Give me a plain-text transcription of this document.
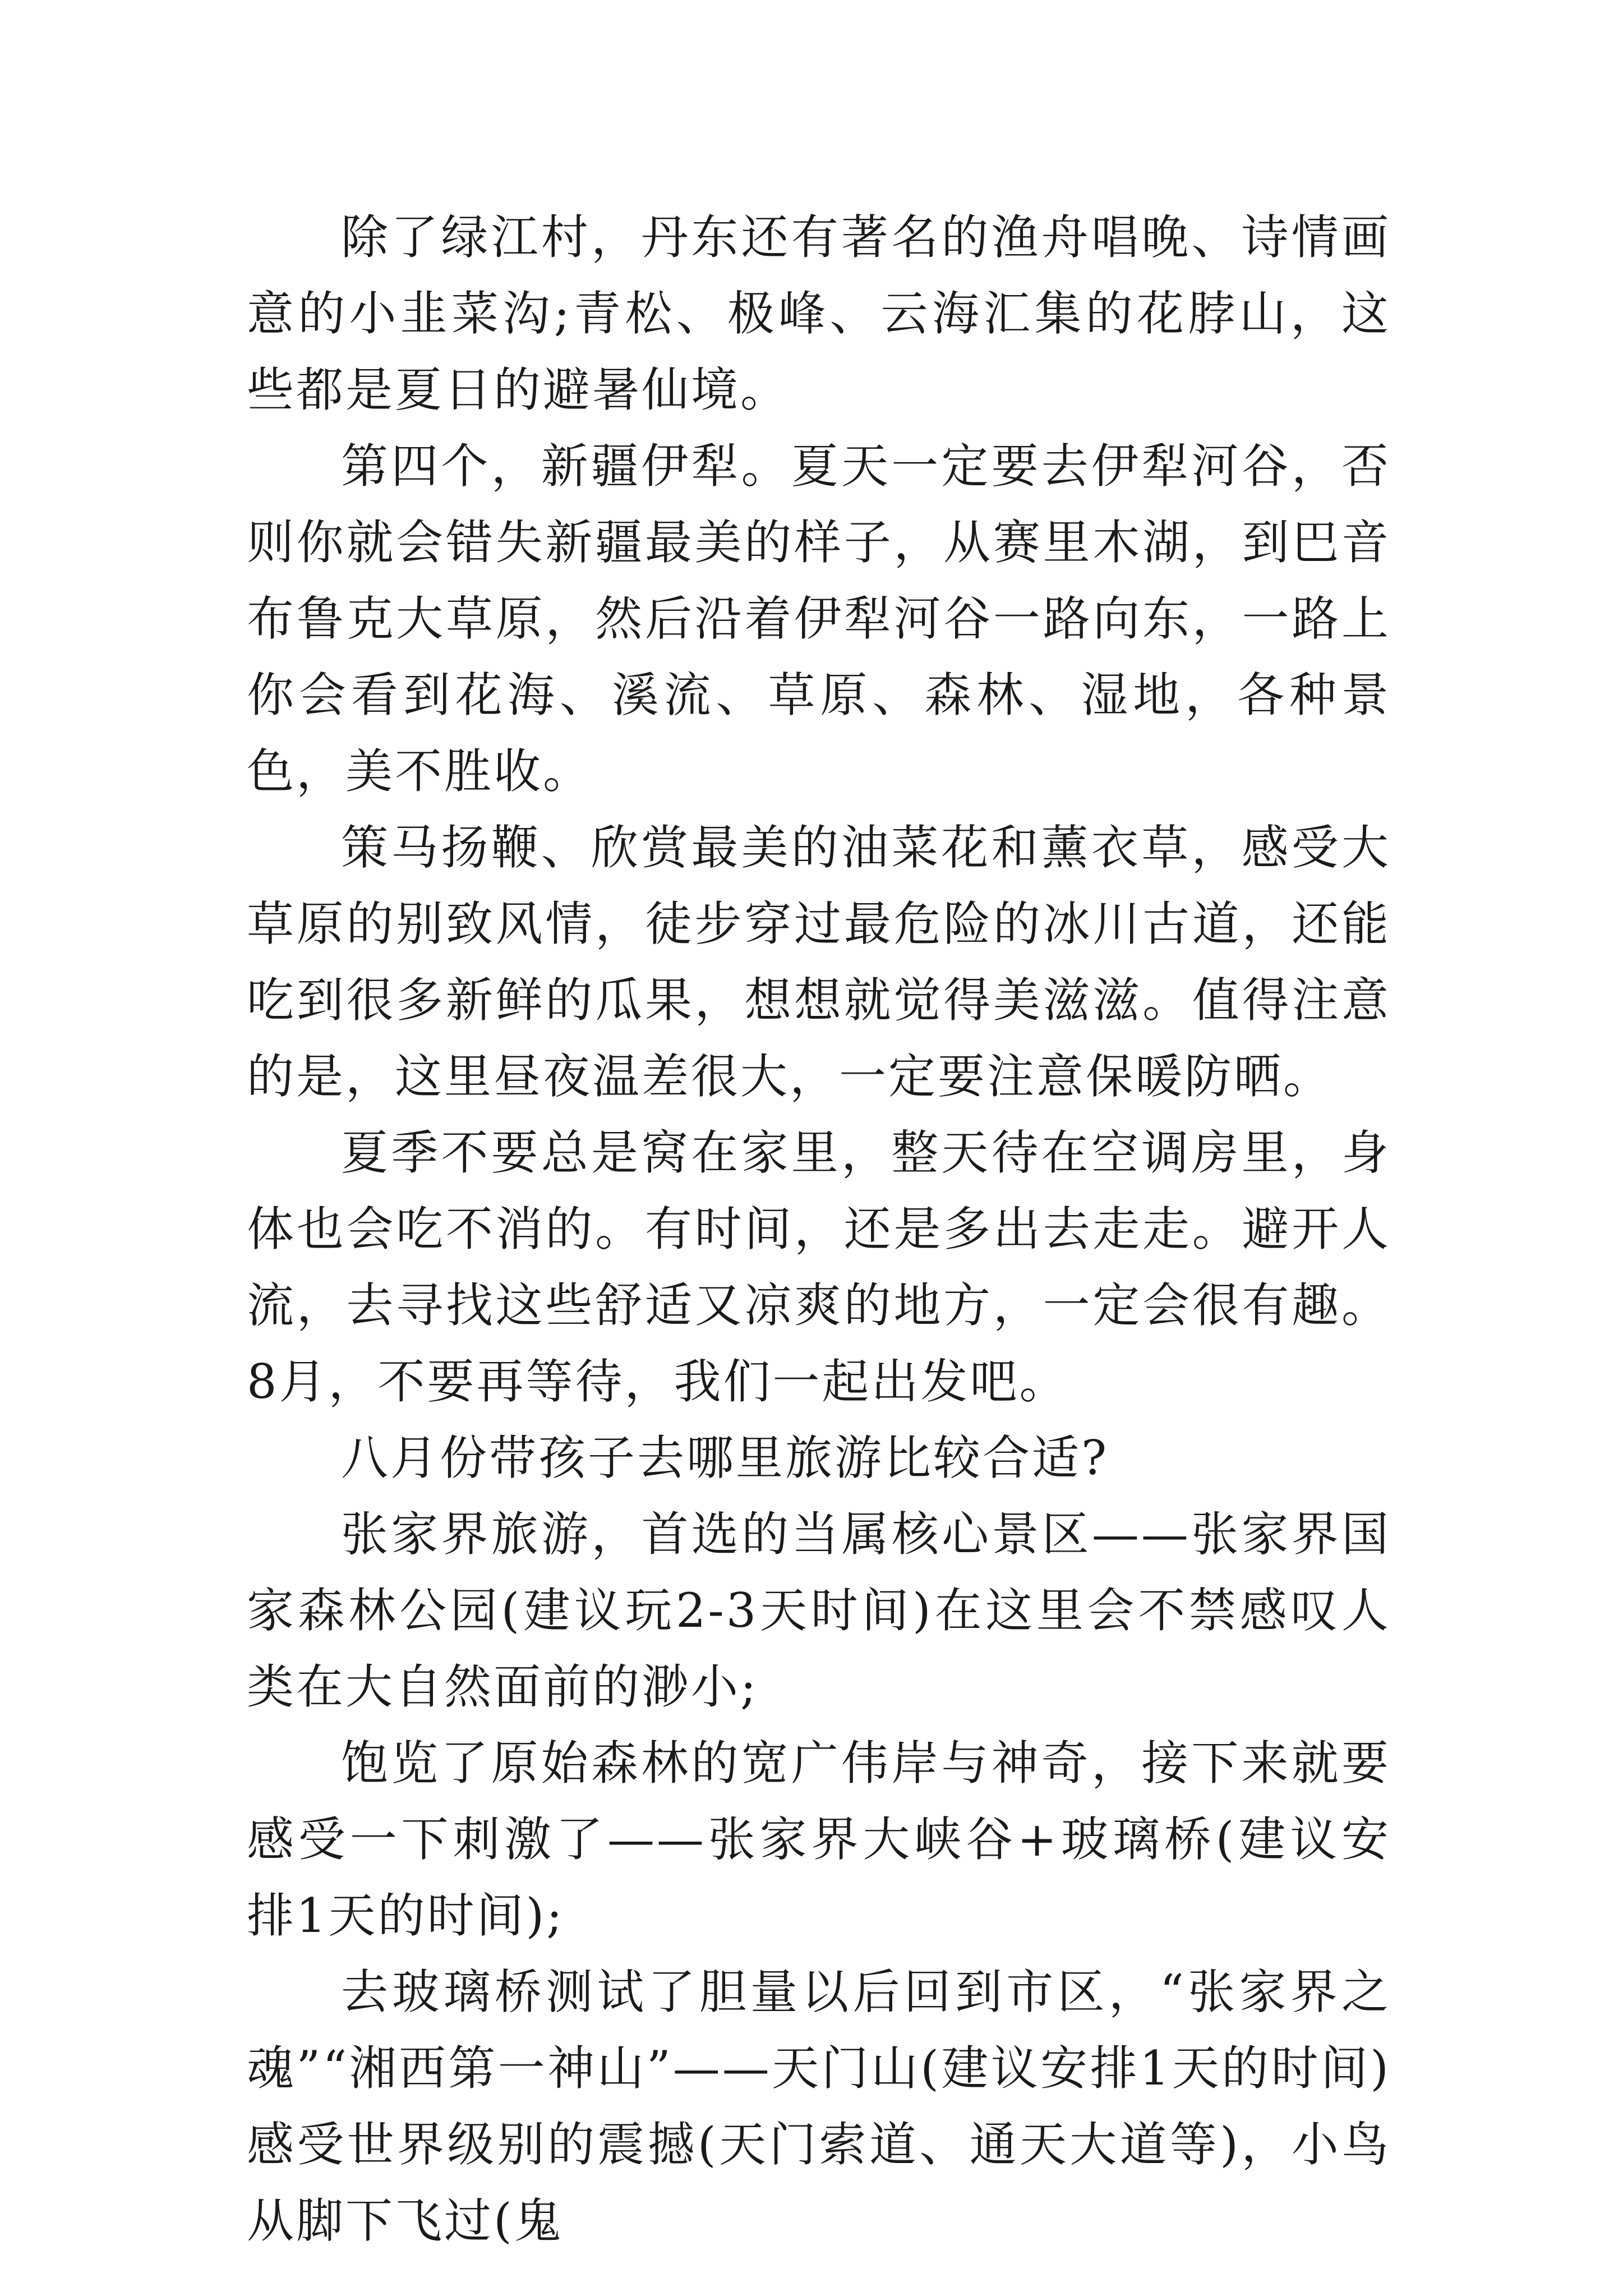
除了绿江村，丹东还有著名的渔舟唱晚、诗情画意的小韭菜沟;青松、极峰、云海汇集的花脖山，这些都是夏日的避暑仙境。

第四个，新疆伊犁。夏天一定要去伊犁河谷，否则你就会错失新疆最美的样子，从赛里木湖，到巴音布鲁克大草原，然后沿着伊犁河谷一路向东，一路上你会看到花海、溪流、草原、森林、湿地，各种景色，美不胜收。

策马扬鞭、欣赏最美的油菜花和薰衣草，感受大草原的别致风情，徒步穿过最危险的冰川古道，还能吃到很多新鲜的瓜果，想想就觉得美滋滋。值得注意的是，这里昼夜温差很大，一定要注意保暖防晒。

夏季不要总是窝在家里，整天待在空调房里，身体也会吃不消的。有时间，还是多出去走走。避开人流，去寻找这些舒适又凉爽的地方，一定会很有趣。8月，不要再等待，我们一起出发吧。

八月份带孩子去哪里旅游比较合适?

张家界旅游，首选的当属核心景区——张家界国家森林公园(建议玩2-3天时间)在这里会不禁感叹人类在大自然面前的渺小;

饱览了原始森林的宽广伟岸与神奇，接下来就要感受一下刺激了——张家界大峡谷+玻璃桥(建议安排1天的时间);

去玻璃桥测试了胆量以后回到市区，“张家界之魂”“湘西第一神山”——天门山(建议安排1天的时间)感受世界级别的震撼(天门索道、通天大道等)，小鸟从脚下飞过(鬼
